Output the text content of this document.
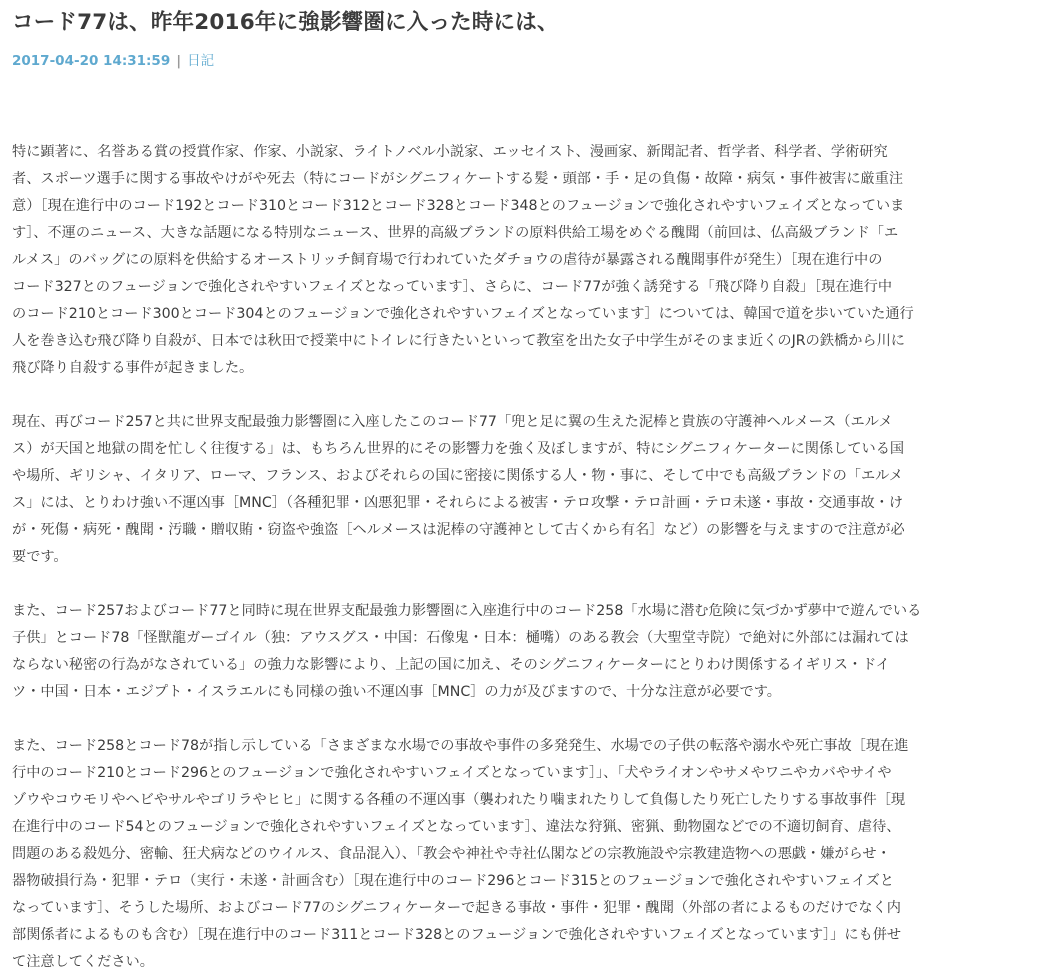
コード77は、昨年2016年に強影響圏に入った時には、
2017-04-20 14:31:59 | 日記
特に顕著に、名誉ある賞の授賞作家、作家、小説家、ライトノベル小説家、エッセイスト、漫画家、新聞記者、哲学者、科学者、学術研究
者、スポーツ選手に関する事故やけがや死去（特にコードがシグニフィケートする髪・頭部・手・足の負傷・故障・病気・事件被害に厳重注
意）［現在進行中のコード192とコード310とコード312とコード328とコード348とのフュージョンで強化されやすいフェイズとなっていま
す］、不運のニュース、大きな話題になる特別なニュース、世界的高級ブランドの原料供給工場をめぐる醜聞（前回は、仏高級ブランド「エ
ルメス」のバッグにの原料を供給するオーストリッチ飼育場で行われていたダチョウの虐待が暴露される醜聞事件が発生）［現在進行中の
コード327とのフュージョンで強化されやすいフェイズとなっています］、さらに、コード77が強く誘発する「飛び降り自殺」［現在進行中
のコード210とコード300とコード304とのフュージョンで強化されやすいフェイズとなっています］については、韓国で道を歩いていた通行
人を巻き込む飛び降り自殺が、日本では秋田で授業中にトイレに行きたいといって教室を出た女子中学生がそのまま近くのJRの鉄橋から川に
飛び降り自殺する事件が起きました。
現在、再びコード257と共に世界支配最強力影響圏に入座したこのコード77「兜と足に翼の生えた泥棒と貴族の守護神ヘルメース（エルメ
ス）が天国と地獄の間を忙しく往復する」は、もちろん世界的にその影響力を強く及ぼしますが、特にシグニフィケーターに関係している国
や場所、ギリシャ、イタリア、ローマ、フランス、およびそれらの国に密接に関係する人・物・事に、そして中でも高級ブランドの「エルメ
ス」には、とりわけ強い不運凶事［MNC］（各種犯罪・凶悪犯罪・それらによる被害・テロ攻撃・テロ計画・テロ未遂・事故・交通事故・け
が・死傷・病死・醜聞・汚職・贈収賄・窃盗や強盗［ヘルメースは泥棒の守護神として古くから有名］など）の影響を与えますので注意が必
要です。
また、コード257およびコード77と同時に現在世界支配最強力影響圏に入座進行中のコード258「水場に潜む危険に気づかず夢中で遊んでいる
子供」とコード78「怪獣龍ガーゴイル（独：アウスグス・中国：石像鬼・日本：樋嘴）のある教会（大聖堂寺院）で絶対に外部には漏れては
ならない秘密の行為がなされている」の強力な影響により、上記の国に加え、そのシグニフィケーターにとりわけ関係するイギリス・ドイ
ツ・中国・日本・エジプト・イスラエルにも同様の強い不運凶事［MNC］の力が及びますので、十分な注意が必要です。
また、コード258とコード78が指し示している「さまざまな水場での事故や事件の多発発生、水場での子供の転落や溺水や死亡事故［現在進
行中のコード210とコード296とのフュージョンで強化されやすいフェイズとなっています］」、「犬やライオンやサメやワニやカバやサイや
ゾウやコウモリやヘビやサルやゴリラやヒヒ」に関する各種の不運凶事（襲われたり噛まれたりして負傷したり死亡したりする事故事件［現
在進行中のコード54とのフュージョンで強化されやすいフェイズとなっています］、違法な狩猟、密猟、動物園などでの不適切飼育、虐待、
問題のある殺処分、密輸、狂犬病などのウイルス、食品混入）、「教会や神社や寺社仏閣などの宗教施設や宗教建造物への悪戯・嫌がらせ・
器物破損行為・犯罪・テロ（実行・未遂・計画含む）［現在進行中のコード296とコード315とのフュージョンで強化されやすいフェイズと
なっています］、そうした場所、およびコード77のシグニフィケーターで起きる事故・事件・犯罪・醜聞（外部の者によるものだけでなく内
部関係者によるものも含む）［現在進行中のコード311とコード328とのフュージョンで強化されやすいフェイズとなっています］」にも併せ
て注意してください。
